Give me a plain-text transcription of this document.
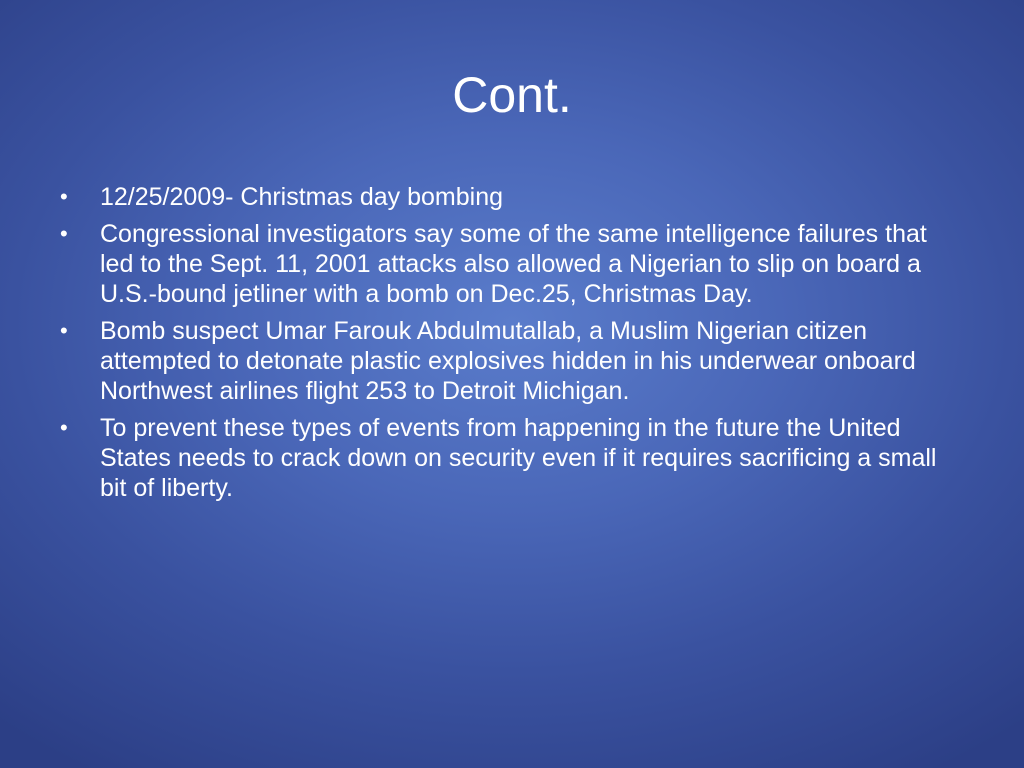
Cont.
• 12/25/2009- Christmas day bombing
• Congressional investigators say some of the same intelligence failures that led to the Sept. 11, 2001 attacks also allowed a Nigerian to slip on board a U.S.-bound jetliner with a bomb on Dec.25, Christmas Day.
• Bomb suspect Umar Farouk Abdulmutallab, a Muslim Nigerian citizen attempted to detonate plastic explosives hidden in his underwear onboard Northwest airlines flight 253 to Detroit Michigan.
• To prevent these types of events from happening in the future the United States needs to crack down on security even if it requires sacrificing a small bit of liberty.
